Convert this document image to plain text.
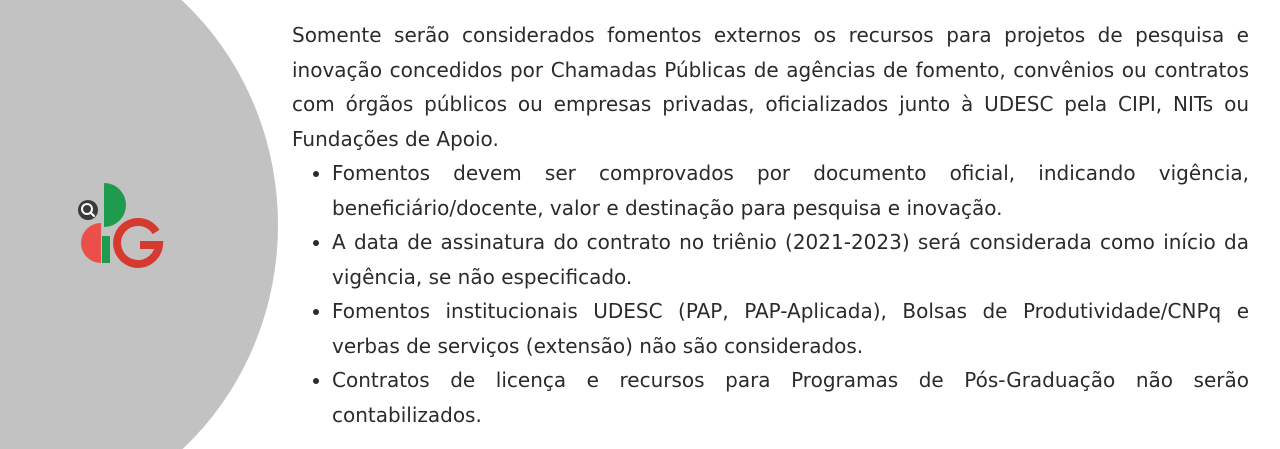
Somente serão considerados fomentos externos os recursos para projetos de pesquisa e inovação concedidos por Chamadas Públicas de agências de fomento, convênios ou contratos com órgãos públicos ou empresas privadas, oficializados junto à UDESC pela CIPI, NITs ou Fundações de Apoio.

• Fomentos devem ser comprovados por documento oficial, indicando vigência, beneficiário/docente, valor e destinação para pesquisa e inovação.
• A data de assinatura do contrato no triênio (2021-2023) será considerada como início da vigência, se não especificado.
• Fomentos institucionais UDESC (PAP, PAP-Aplicada), Bolsas de Produtividade/CNPq e verbas de serviços (extensão) não são considerados.
• Contratos de licença e recursos para Programas de Pós-Graduação não serão contabilizados.
